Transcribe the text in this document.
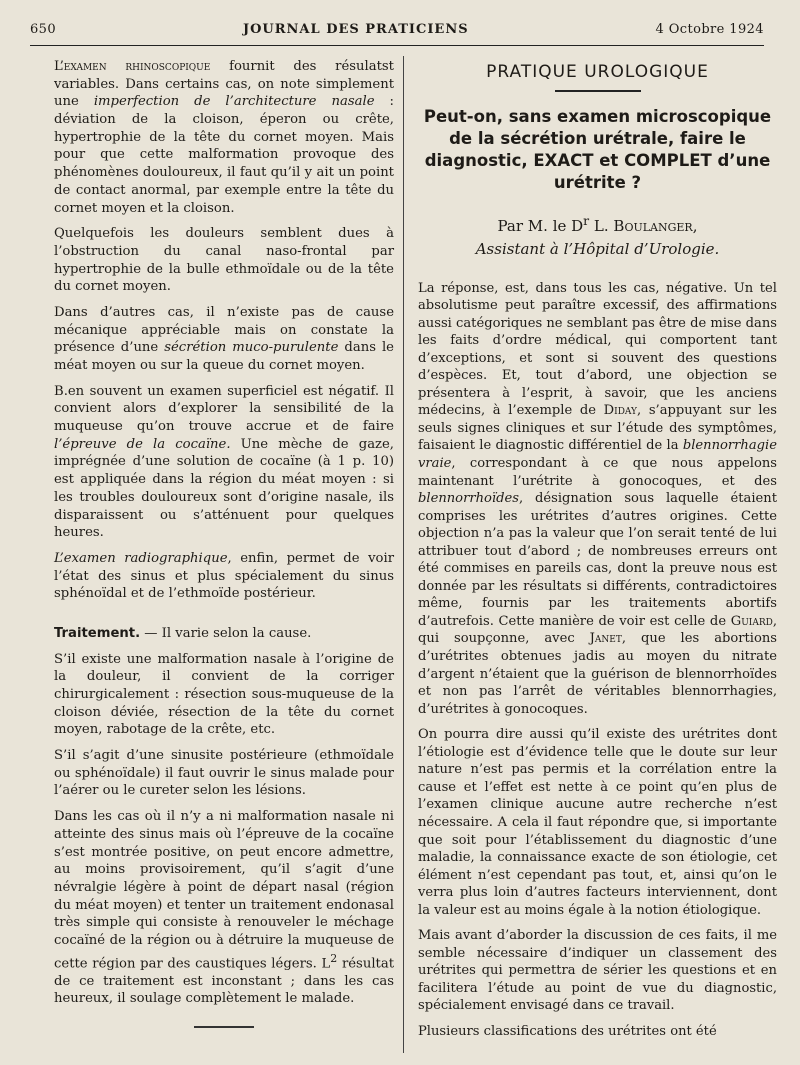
650	JOURNAL DES PRATICIENS	4 Octobre 1924

L’examen rhinoscopique fournit des résulatst variables. Dans certains cas, on note simplement une imperfection de l’architecture nasale : déviation de la cloison, éperon ou crête, hypertrophie de la tête du cornet moyen. Mais pour que cette malformation provoque des phénomènes douloureux, il faut qu’il y ait un point de contact anormal, par exemple entre la tête du cornet moyen et la cloison.

Quelquefois les douleurs semblent dues à l’obstruction du canal naso-frontal par hypertrophie de la bulle ethmoïdale ou de la tête du cornet moyen.

Dans d’autres cas, il n’existe pas de cause mécanique appréciable mais on constate la présence d’une sécrétion muco-purulente dans le méat moyen ou sur la queue du cornet moyen.

B.en souvent un examen superficiel est négatif. Il convient alors d’explorer la sensibilité de la muqueuse qu’on trouve accrue et de faire l’épreuve de la cocaïne. Une mèche de gaze, imprégnée d’une solution de cocaïne (à 1 p. 10) est appliquée dans la région du méat moyen : si les troubles douloureux sont d’origine nasale, ils disparaissent ou s’atténuent pour quelques heures.

L’examen radiographique, enfin, permet de voir l’état des sinus et plus spécialement du sinus sphénoïdal et de l’ethmoïde postérieur.

Traitement. — Il varie selon la cause.

S’il existe une malformation nasale à l’origine de la douleur, il convient de la corriger chirurgicalement : résection sous-muqueuse de la cloison déviée, résection de la tête du cornet moyen, rabotage de la crête, etc.

S’il s’agit d’une sinusite postérieure (ethmoïdale ou sphénoïdale) il faut ouvrir le sinus malade pour l’aérer ou le cureter selon les lésions.

Dans les cas où il n’y a ni malformation nasale ni atteinte des sinus mais où l’épreuve de la cocaïne s’est montrée positive, on peut encore admettre, au moins provisoirement, qu’il s’agit d’une névralgie légère à point de départ nasal (région du méat moyen) et tenter un traitement endonasal très simple qui consiste à renouveler le méchage cocaïné de la région ou à détruire la muqueuse de cette région par des caustiques légers. $L^2$ résultat de ce traitement est inconstant ; dans les cas heureux, il soulage complètement le malade.

PRATIQUE UROLOGIQUE
Peut-on, sans examen microscopique de la sécrétion urétrale, faire le diagnostic, EXACT et COMPLET d’une urétrite ?
Par M. le $D^r$ L. Boulanger,
Assistant à l’Hôpital d’Urologie.

La réponse, est, dans tous les cas, négative. Un tel absolutisme peut paraître excessif, des affirmations aussi catégoriques ne semblant pas être de mise dans les faits d’ordre médical, qui comportent tant d’exceptions, et sont si souvent des questions d’espèces. Et, tout d’abord, une objection se présentera à l’esprit, à savoir, que les anciens médecins, à l’exemple de Diday, s’appuyant sur les seuls signes cliniques et sur l’étude des symptômes, faisaient le diagnostic différentiel de la blennorrhagie vraie, correspondant à ce que nous appelons maintenant l’urétrite à gonocoques, et des blennorrhoïdes, désignation sous laquelle étaient comprises les urétrites d’autres origines. Cette objection n’a pas la valeur que l’on serait tenté de lui attribuer tout d’abord ; de nombreuses erreurs ont été commises en pareils cas, dont la preuve nous est donnée par les résultats si différents, contradictoires même, fournis par les traitements abortifs d’autrefois. Cette manière de voir est celle de Guiard, qui soupçonne, avec Janet, que les abortions d’urétrites obtenues jadis au moyen du nitrate d’argent n’étaient que la guérison de blennorrhoïdes et non pas l’arrêt de véritables blennorrhagies, d’urétrites à gonocoques.

On pourra dire aussi qu’il existe des urétrites dont l’étiologie est d’évidence telle que le doute sur leur nature n’est pas permis et la corrélation entre la cause et l’effet est nette à ce point qu’en plus de l’examen clinique aucune autre recherche n’est nécessaire. A cela il faut répondre que, si importante que soit pour l’établissement du diagnostic d’une maladie, la connaissance exacte de son étiologie, cet élément n’est cependant pas tout, et, ainsi qu’on le verra plus loin d’autres facteurs interviennent, dont la valeur est au moins égale à la notion étiologique.

Mais avant d’aborder la discussion de ces faits, il me semble nécessaire d’indiquer un classement des urétrites qui permettra de sérier les questions et en facilitera l’étude au point de vue du diagnostic, spécialement envisagé dans ce travail.

Plusieurs classifications des urétrites ont été
